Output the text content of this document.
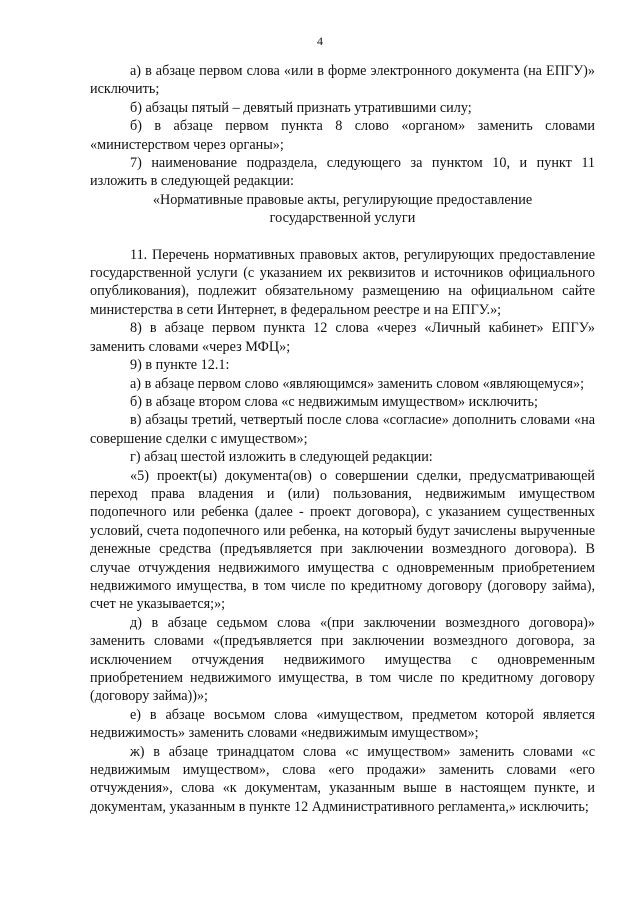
4

а) в абзаце первом слова «или в форме электронного документа (на ЕПГУ)» исключить;

б) абзацы пятый – девятый признать утратившими силу;

б) в абзаце первом пункта 8 слово «органом» заменить словами «министерством через органы»;

7) наименование подраздела, следующего за пунктом 10, и пункт 11 изложить в следующей редакции:

«Нормативные правовые акты, регулирующие предоставление

государственной услуги

11. Перечень нормативных правовых актов, регулирующих предоставление государственной услуги (с указанием их реквизитов и источников официального опубликования), подлежит обязательному размещению на официальном сайте министерства в сети Интернет, в федеральном реестре и на ЕПГУ.»;

8) в абзаце первом пункта 12 слова «через «Личный кабинет» ЕПГУ» заменить словами «через МФЦ»;

9) в пункте 12.1:

а) в абзаце первом слово «являющимся» заменить словом «являющемуся»;

б) в абзаце втором слова «с недвижимым имуществом» исключить;

в) абзацы третий, четвертый после слова «согласие» дополнить словами «на совершение сделки с имуществом»;

г) абзац шестой изложить в следующей редакции:

«5) проект(ы) документа(ов) о совершении сделки, предусматривающей переход права владения и (или) пользования, недвижимым имуществом подопечного или ребенка (далее - проект договора), с указанием существенных условий, счета подопечного или ребенка, на который будут зачислены вырученные денежные средства (предъявляется при заключении возмездного договора). В случае отчуждения недвижимого имущества с одновременным приобретением недвижимого имущества, в том числе по кредитному договору (договору займа), счет не указывается;»;

д) в абзаце седьмом слова «(при заключении возмездного договора)» заменить словами «(предъявляется при заключении возмездного договора, за исключением отчуждения недвижимого имущества с одновременным приобретением недвижимого имущества, в том числе по кредитному договору (договору займа))»;

е) в абзаце восьмом слова «имуществом, предметом которой является недвижимость» заменить словами «недвижимым имуществом»;

ж) в абзаце тринадцатом слова «с имуществом» заменить словами «с недвижимым имуществом», слова «его продажи» заменить словами «его отчуждения», слова «к документам, указанным выше в настоящем пункте, и документам, указанным в пункте 12 Административного регламента,» исключить;
